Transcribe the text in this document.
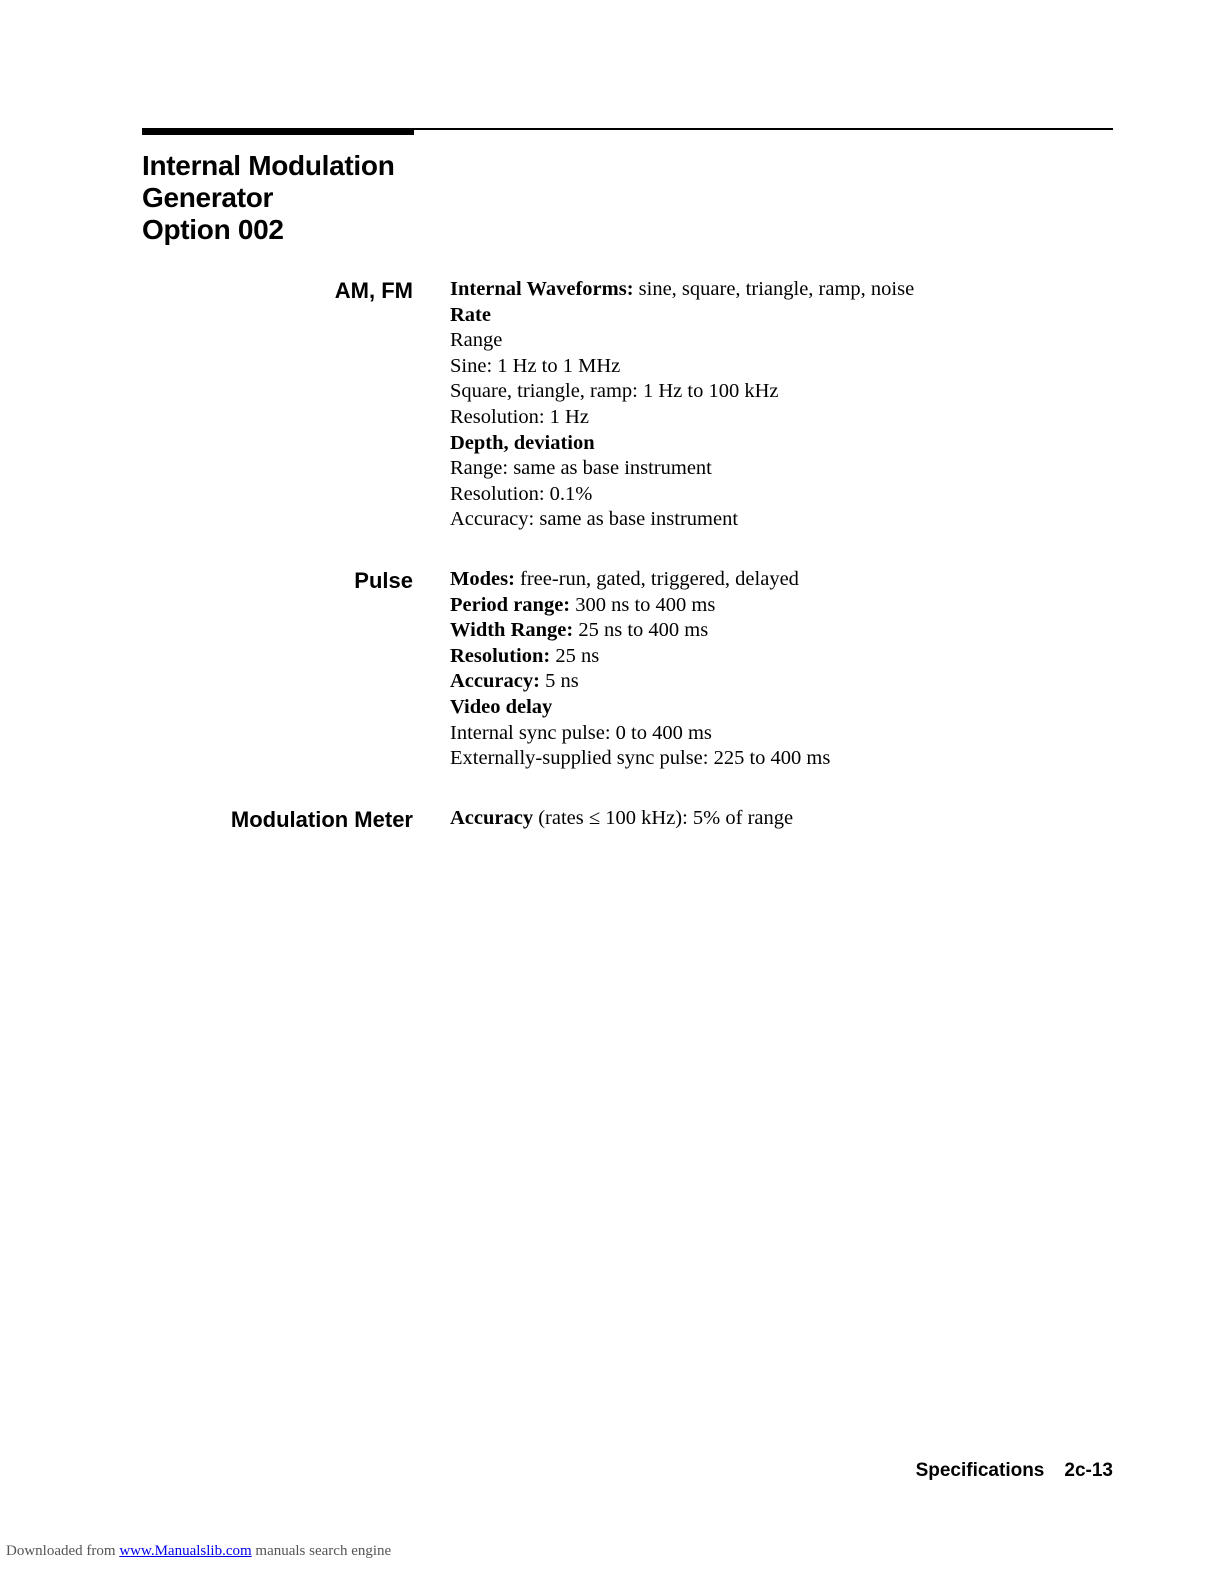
Internal Modulation
Generator
Option 002
AM, FM Internal Waveforms: sine, square, triangle, ramp, noise
Rate
Range
Sine: 1 Hz to 1 MHz
Square, triangle, ramp: 1 Hz to 100 kHz
Resolution: 1 Hz
Depth, deviation
Range: same as base instrument
Resolution: 0.1%
Accuracy: same as base instrument
Pulse Modes: free-run, gated, triggered, delayed
Period range: 300 ns to 400 ms
Width Range: 25 ns to 400 ms
Resolution: 25 ns
Accuracy: 5 ns
Video delay
Internal sync pulse: 0 to 400 ms
Externally-supplied sync pulse: 225 to 400 ms
Modulation Meter Accuracy (rates ≤ 100 kHz): 5% of range
Specifications 2c-13
Downloaded from www.Manualslib.com manuals search engine
